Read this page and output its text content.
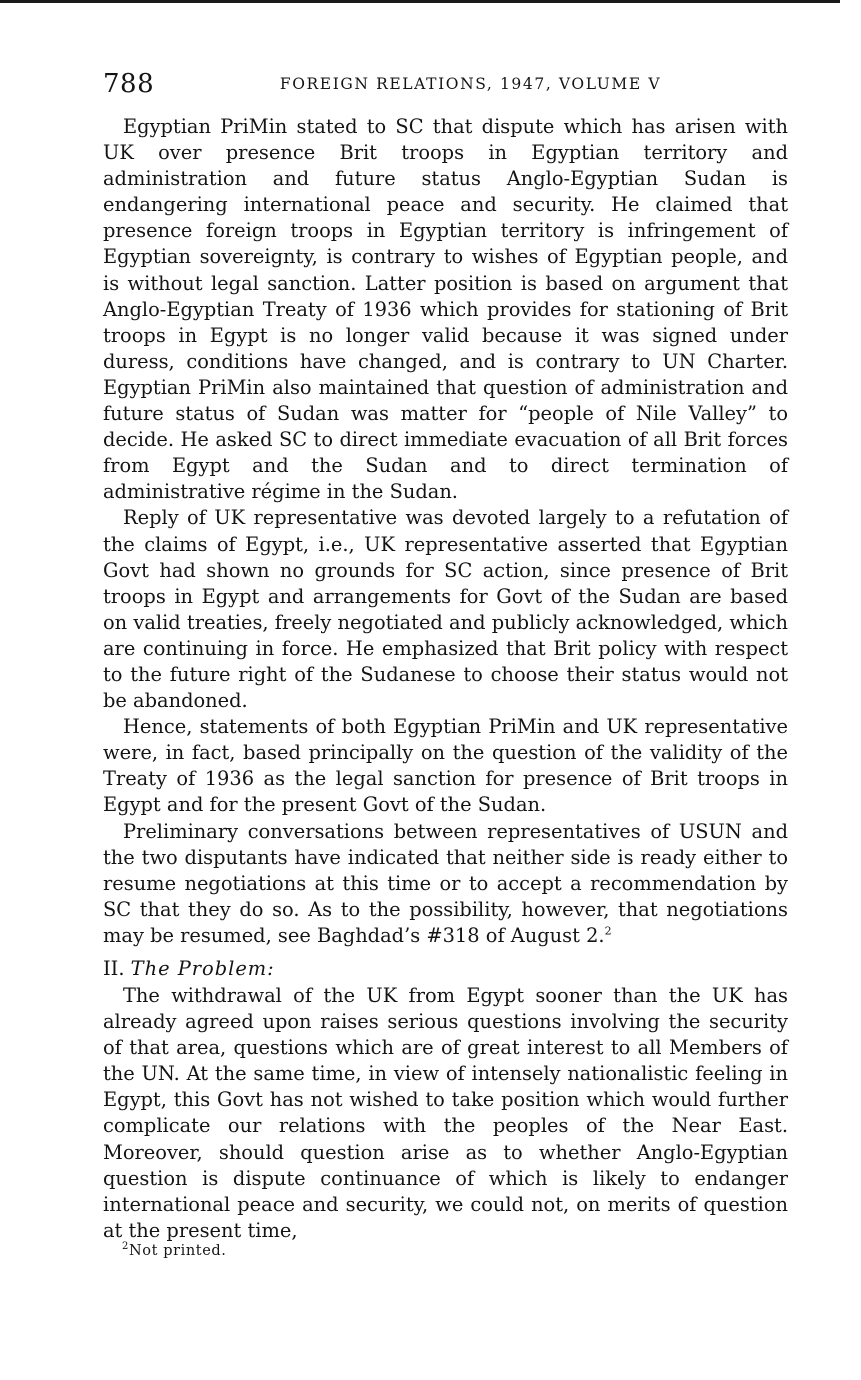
788	FOREIGN RELATIONS, 1947, VOLUME V

Egyptian PriMin stated to SC that dispute which has arisen with UK over presence Brit troops in Egyptian territory and administration and future status Anglo-Egyptian Sudan is endangering international peace and security. He claimed that presence foreign troops in Egyptian territory is infringement of Egyptian sovereignty, is contrary to wishes of Egyptian people, and is without legal sanction. Latter position is based on argument that Anglo-Egyptian Treaty of 1936 which provides for stationing of Brit troops in Egypt is no longer valid because it was signed under duress, conditions have changed, and is contrary to UN Charter. Egyptian PriMin also maintained that question of administration and future status of Sudan was matter for “people of Nile Valley” to decide. He asked SC to direct immediate evacuation of all Brit forces from Egypt and the Sudan and to direct termination of administrative régime in the Sudan.

Reply of UK representative was devoted largely to a refutation of the claims of Egypt, i.e., UK representative asserted that Egyptian Govt had shown no grounds for SC action, since presence of Brit troops in Egypt and arrangements for Govt of the Sudan are based on valid treaties, freely negotiated and publicly acknowledged, which are continuing in force. He emphasized that Brit policy with respect to the future right of the Sudanese to choose their status would not be abandoned.

Hence, statements of both Egyptian PriMin and UK representative were, in fact, based principally on the question of the validity of the Treaty of 1936 as the legal sanction for presence of Brit troops in Egypt and for the present Govt of the Sudan.

Preliminary conversations between representatives of USUN and the two disputants have indicated that neither side is ready either to resume negotiations at this time or to accept a recommendation by SC that they do so. As to the possibility, however, that negotiations may be resumed, see Baghdad’s #318 of August 2.$^2$

II. The Problem:

The withdrawal of the UK from Egypt sooner than the UK has already agreed upon raises serious questions involving the security of that area, questions which are of great interest to all Members of the UN. At the same time, in view of intensely nationalistic feeling in Egypt, this Govt has not wished to take position which would further complicate our relations with the peoples of the Near East. Moreover, should question arise as to whether Anglo-Egyptian question is dispute continuance of which is likely to endanger international peace and security, we could not, on merits of question at the present time,

$^2$Not printed.
